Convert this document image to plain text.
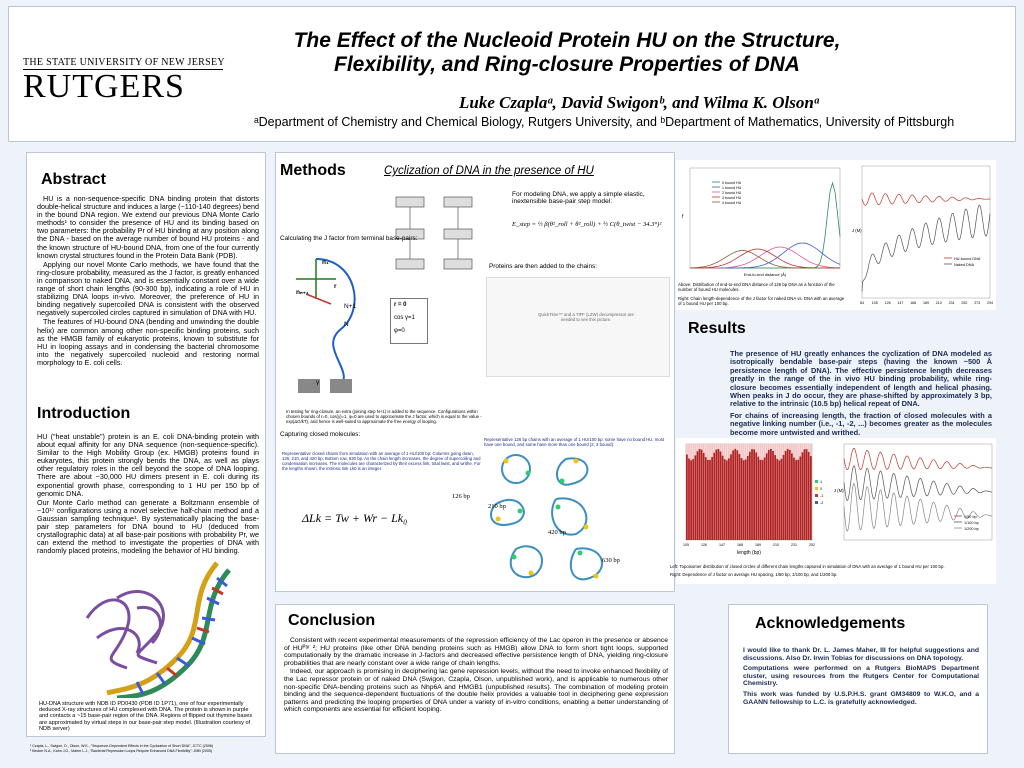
THE STATE UNIVERSITY OF NEW JERSEY
RUTGERS
The Effect of the Nucleoid Protein HU on the Structure,
Flexibility, and Ring-closure Properties of DNA
Luke Czaplaᵃ, David Swigonᵇ, and Wilma K. Olsonᵃ
ᵃDepartment of Chemistry and Chemical Biology, Rutgers University, and ᵇDepartment of Mathematics, University of Pittsburgh
Abstract

HU is a non-sequence-specific DNA binding protein that distorts double-helical structure and induces a large (~110-140 degrees) bend in the bound DNA region. We extend our previous DNA Monte Carlo methods¹ to consider the presence of HU and its binding based on two parameters: the probability Pr of HU binding at any position along the DNA - based on the average number of bound HU proteins - and the known structure of HU-bound DNA, from one of the four currently known crystal structures found in the Protein Data Bank (PDB).

Applying our novel Monte Carlo methods, we have found that the ring-closure probability, measured as the J factor, is greatly enhanced in comparison to naked DNA, and is essentially constant over a wide range of short chain lengths (90-300 bp), indicating a role of HU in stabilizing DNA loops in-vivo. Moreover, the preference of HU in binding negatively supercoiled DNA is consistent with the observed negatively supercoiled circles captured in simulation of DNA with HU.

The features of HU-bound DNA (bending and unwinding the double helix) are common among other non-specific binding proteins, such as the HMGB family of eukaryotic proteins, known to substitute for HU in looping assays and in condensing the bacterial chromosome into the negatively supercoiled nucleoid and restoring normal morphology to E. coli cells.

Introduction

HU ("heat unstable") protein is an E. coli DNA-binding protein with about equal affinity for any DNA sequence (non-sequence-specific). Similar to the High Mobility Group (ex. HMGB) proteins found in eukaryotes, this protein strongly bends the DNA, as well as plays other regulatory roles in the cell beyond the scope of DNA looping. There are about ~30,000 HU dimers present in E. coli during its exponential growth phase, corresponding to 1 HU per 150 bp of genomic DNA.

Our Monte Carlo method can generate a Boltzmann ensemble of ~10¹⁷ configurations using a novel selective half-chain method and a Gaussian sampling technique¹. By systematically placing the base-pair step parameters for DNA bound to HU (deduced from crystallographic data) at all base-pair positions with probability Pr, we can extend the method to investigate the properties of DNA with randomly placed proteins, modeling the behavior of HU binding.

HU-DNA structure with NDB ID PD0430 (PDB ID 1P71), one of four experimentally deduced X-ray structures of HU complexed with DNA. The protein is shown in purple and contacts a ~15 base-pair region of the DNA. Regions of flipped out thymine bases are approximated by virtual steps in our base-pair step model. (Illustration courtesy of NDB server)
Methods	Cyclization of DNA in the presence of HU
For modeling DNA, we apply a simple elastic, inextensible base-pair step model:
E_step = ½ β(θ²_roll + θ²_roll) + ½ C(θ_twist − 34.3°)²
Calculating the J factor from terminal base-pairs:
Proteins are then added to the chains:
n₁
r
nₙ₊₁
N+1
N
γ
r = 0
cos γ=1
φ=0
QuickTime™ and a TIFF (LZW) decompressor are needed to see this picture.
In testing for ring-closure, an extra (joining step N+1) is added to the sequence. Configurations within chosen bounds of r=0, cos(γ)=1, φ=0 are used to approximate the J factor, which is equal to the value -exp(ΔG/kT), and hence is well-suited to approximate the free energy of looping.
Representative 126 bp chains with an average of 1 HU/100 bp: some have no bound HU, most have one bound, and some have more than one bound (2, 3 bound).
Capturing closed molecules:
Representative closed chains from simulation with an average of 1 HU/100 bp: Columns going down, 126, 210, and 420 bp. Bottom row, 630 bp. As the chain length increases, the degree of supercoiling and condensation increases. The molecules are characterized by their excess link, total twist, and writhe. For the lengths shown, the intrinsic link Lk0 is an integer.
ΔLk = Tw + Wr − Lk₀
126 bp
210 bp
420 bp
630 bp
0 bound HU
1 bound HU
2 bound HU
3 bound HU
4 bound HU
End-to-end distance (Å)
f
84 105 126 147 168 189 210 231 252 273 294
HU-bound DNA
Naked DNA
J (M)
Above: Distribution of end-to-end DNA distance of 126 bp DNA as a function of the number of bound HU molecules.
Right: Chain length-dependence of the J factor for naked DNA vs. DNA with an average of 1 bound HU per 100 bp.
Results

The presence of HU greatly enhances the cyclization of DNA modeled as isotropically bendable base-pair steps (having the known ~500 Å persistence length of DNA). The effective persistence length decreases greatly in the range of the in vivo HU binding probability, while ring-closure becomes essentially independent of length and helical phasing. When peaks in J do occur, they are phase-shifted by approximately 3 bp, relative to the intrinsic (10.5 bp) helical repeat of DNA.

For chains of increasing length, the fraction of closed molecules with a negative linking number (i.e., -1, -2, ...) becomes greater as the molecules become more untwisted and writhed.

105	126	147	168	189	210	231	252
length (bp)
1
0
-1
-2
1/50 bp
1/100 bp
1/200 bp
J (M)
Left: Topoisomer distribution of closed circles of different chain lengths captured in simulation of DNA with an average of 1 bound HU per 100 bp.
Right: Dependence of J factor on average HU spacing, 1/50 bp, 1/100 bp, and 1/200 bp.
Conclusion

Consistent with recent experimental measurements of the repression efficiency of the Lac operon in the presence or absence of HUᴾᵃʳ ²; HU proteins (like other DNA bending proteins such as HMGB) allow DNA to form short tight loops, supported computationally by the dramatic increase in J-factors and decreased effective persistence length of DNA, yielding ring-closure probabilities that are nearly constant over a wide range of chain lengths.

Indeed, our approach is promising in deciphering lac gene repression levels, without the need to invoke enhanced flexibility of the Lac repressor protein or of naked DNA (Swigon, Czapla, Olson, unpublished work), and is applicable to numerous other non-specific DNA-bending proteins such as Nhp6A and HMGB1 (unpublished results). The combination of modeling protein binding and the sequence-dependent fluctuations of the double helix provides a valuable tool in deciphering gene expression patterns and predicting the looping properties of DNA under a variety of in-vitro conditions, enabling a better understanding of which components are essential for efficient looping.

Acknowledgements

I would like to thank Dr. L. James Maher, III for helpful suggestions and discussions. Also Dr. Irwin Tobias for discussions on DNA topology.

Computations were performed on a Rutgers BioMAPS Department cluster, using resources from the Rutgers Center for Computational Chemistry.

This work was funded by U.S.P.H.S. grant GM34809 to W.K.O, and a GAANN fellowship to L.C. is gratefully acknowledged.

¹ Czapla, L., Swigon, D., Olson, W.K., "Sequence-Dependent Effects in the Cyclization of Short DNA", JCTC (2006)
² Becker N.A., Kahn J.D., Maher L.J., "Bacterial Repression Loops Require Enhanced DNA Flexibility", JMB (2005)
